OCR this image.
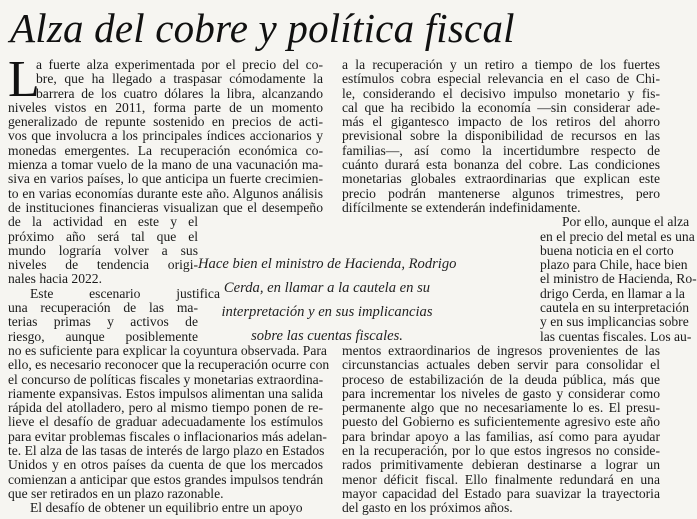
Alza del cobre y política fiscal
L
a fuerte alza experimentada por el precio del co-
bre, que ha llegado a traspasar cómodamente la
barrera de los cuatro dólares la libra, alcanzando
niveles vistos en 2011, forma parte de un momento
generalizado de repunte sostenido en precios de acti-
vos que involucra a los principales índices accionarios y
monedas emergentes. La recuperación económica co-
mienza a tomar vuelo de la mano de una vacunación ma-
siva en varios países, lo que anticipa un fuerte crecimien-
to en varias economías durante este año. Algunos análisis
de instituciones financieras visualizan que el desempeño
de la actividad en este y el
próximo año será tal que el
mundo lograría volver a sus
niveles de tendencia origi-
nales hacia 2022.
Este escenario justifica
una recuperación de las ma-
terias primas y activos de
riesgo, aunque posiblemente
no es suficiente para explicar la coyuntura observada. Para
ello, es necesario reconocer que la recuperación ocurre con
el concurso de políticas fiscales y monetarias extraordina-
riamente expansivas. Estos impulsos alimentan una salida
rápida del atolladero, pero al mismo tiempo ponen de re-
lieve el desafío de graduar adecuadamente los estímulos
para evitar problemas fiscales o inflacionarios más adelan-
te. El alza de las tasas de interés de largo plazo en Estados
Unidos y en otros países da cuenta de que los mercados
comienzan a anticipar que estos grandes impulsos tendrán
que ser retirados en un plazo razonable.
El desafío de obtener un equilibrio entre un apoyo
a la recuperación y un retiro a tiempo de los fuertes
estímulos cobra especial relevancia en el caso de Chi-
le, considerando el decisivo impulso monetario y fis-
cal que ha recibido la economía —sin considerar ade-
más el gigantesco impacto de los retiros del ahorro
previsional sobre la disponibilidad de recursos en las
familias—, así como la incertidumbre respecto de
cuánto durará esta bonanza del cobre. Las condiciones
monetarias globales extraordinarias que explican este
precio podrán mantenerse algunos trimestres, pero
difícilmente se extenderán indefinidamente.
Por ello, aunque el alza
en el precio del metal es una
buena noticia en el corto
plazo para Chile, hace bien
el ministro de Hacienda, Ro-
drigo Cerda, en llamar a la
cautela en su interpretación
y en sus implicancias sobre
las cuentas fiscales. Los au-
mentos extraordinarios de ingresos provenientes de las
circunstancias actuales deben servir para consolidar el
proceso de estabilización de la deuda pública, más que
para incrementar los niveles de gasto y considerar como
permanente algo que no necesariamente lo es. El presu-
puesto del Gobierno es suficientemente agresivo este año
para brindar apoyo a las familias, así como para ayudar
en la recuperación, por lo que estos ingresos no conside-
rados primitivamente debieran destinarse a lograr un
menor déficit fiscal. Ello finalmente redundará en una
mayor capacidad del Estado para suavizar la trayectoria
del gasto en los próximos años.
Hace bien el ministro de Hacienda, Rodrigo
Cerda, en llamar a la cautela en su
interpretación y en sus implicancias
sobre las cuentas fiscales.
